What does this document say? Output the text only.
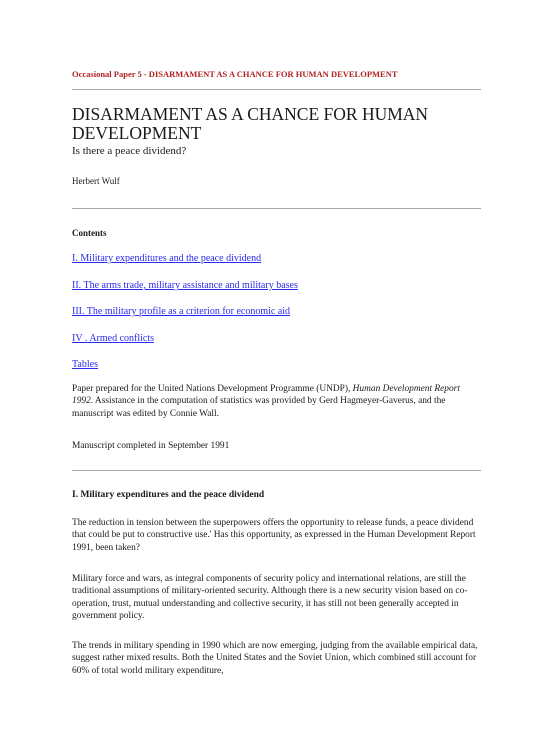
Occasional Paper 5 - DISARMAMENT AS A CHANCE FOR HUMAN DEVELOPMENT
DISARMAMENT AS A CHANCE FOR HUMAN DEVELOPMENT
Is there a peace dividend?
Herbert Wulf
Contents
I. Military expenditures and the peace dividend
II. The arms trade, military assistance and military bases
III. The military profile as a criterion for economic aid
IV . Armed conflicts
Tables

Paper prepared for the United Nations Development Programme (UNDP), Human Development Report 1992. Assistance in the computation of statistics was provided by Gerd Hagmeyer-Gaverus, and the manuscript was edited by Connie Wall.

Manuscript completed in September 1991

I. Military expenditures and the peace dividend

The reduction in tension between the superpowers offers the opportunity to release funds, a peace dividend that could be put to constructive use.' Has this opportunity, as expressed in the Human Development Report 1991, been taken?

Military force and wars, as integral components of security policy and international relations, are still the traditional assumptions of military-oriented security. Although there is a new security vision based on co-operation, trust, mutual understanding and collective security, it has still not been generally accepted in government policy.

The trends in military spending in 1990 which are now emerging, judging from the available empirical data, suggest rather mixed results. Both the United States and the Soviet Union, which combined still account for 60% of total world military expenditure,
